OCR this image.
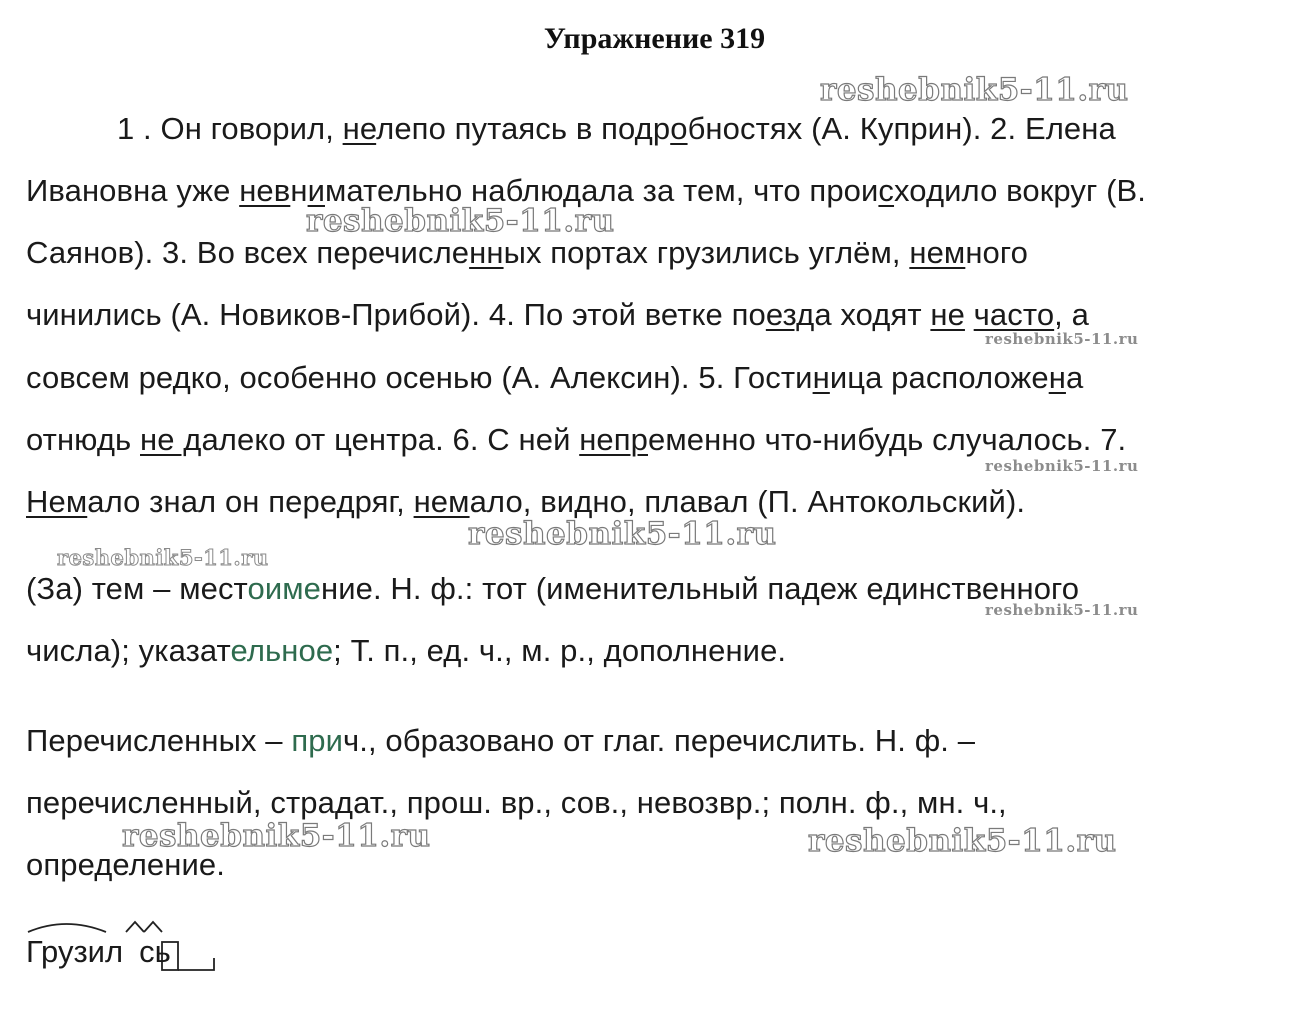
Упражнение 319
1 . Он говорил, нелепо путаясь в подробностях (А. Куприн). 2. Елена
Ивановна уже невнимательно наблюдала за тем, что происходило вокруг (В.
Саянов). 3. Во всех перечисленных портах грузились углём, немного
чинились (А. Новиков-Прибой). 4. По этой ветке поезда ходят не часто, а
совсем редко, особенно осенью (А. Алексин). 5. Гостиница расположена
отнюдь не далеко от центра. 6. С ней непременно что-нибудь случалось. 7.
Немало знал он передряг, немало, видно, плавал (П. Антокольский).
(За) тем – местоимение. Н. ф.: тот (именительный падеж единственного
числа); указательное; Т. п., ед. ч., м. р., дополнение.
Перечисленных – прич., образовано от глаг. перечислить. Н. ф. –
перечисленный, страдат., прош. вр., сов., невозвр.; полн. ф., мн. ч.,
определение.
reshebnik5-11.ru
reshebnik5-11.ru
reshebnik5-11.ru
reshebnik5-11.ru
reshebnik5-11.ru
reshebnik5-11.ru
reshebnik5-11.ru
reshebnik5-11.ru	reshebnik5-11.ru
Грузил сь
